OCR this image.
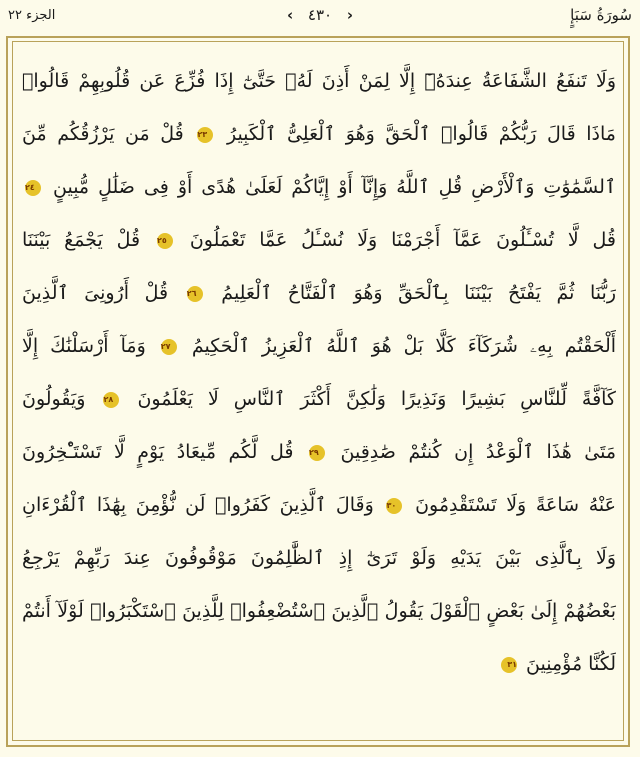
الجزء ٢٢	‹ ٤٣٠ ›	سُورَةُ سَبَإٍ
وَلَا تَنفَعُ الشَّفَاعَةُ عِندَهُۥٓ إِلَّا لِمَنْ أَذِنَ لَهُۥ حَتَّىٰٓ إِذَا فُزِّعَ عَن قُلُوبِهِمْ قَالُوا۟
مَاذَا قَالَ رَبُّكُمْ قَالُوا۟ ٱلْحَقَّ وَهُوَ ٱلْعَلِىُّ ٱلْكَبِيرُ ٢٣ قُلْ مَن يَرْزُقُكُم مِّنَ
ٱلسَّمَٰوَٰتِ وَٱلْأَرْضِ قُلِ ٱللَّهُ وَإِنَّآ أَوْ إِيَّاكُمْ لَعَلَىٰ هُدًى أَوْ فِى ضَلَٰلٍ مُّبِينٍ ٢٤
قُل لَّا تُسْـَٔلُونَ عَمَّآ أَجْرَمْنَا وَلَا نُسْـَٔلُ عَمَّا تَعْمَلُونَ ٢٥ قُلْ يَجْمَعُ بَيْنَنَا
رَبُّنَا ثُمَّ يَفْتَحُ بَيْنَنَا بِٱلْحَقِّ وَهُوَ ٱلْفَتَّاحُ ٱلْعَلِيمُ ٢٦ قُلْ أَرُونِىَ ٱلَّذِينَ
أَلْحَقْتُم بِهِۦ شُرَكَآءَ كَلَّا بَلْ هُوَ ٱللَّهُ ٱلْعَزِيزُ ٱلْحَكِيمُ ٢٧ وَمَآ أَرْسَلْنَٰكَ إِلَّا
كَآفَّةً لِّلنَّاسِ بَشِيرًا وَنَذِيرًا وَلَٰكِنَّ أَكْثَرَ ٱلنَّاسِ لَا يَعْلَمُونَ ٢٨ وَيَقُولُونَ
مَتَىٰ هَٰذَا ٱلْوَعْدُ إِن كُنتُمْ صَٰدِقِينَ ٢٩ قُل لَّكُم مِّيعَادُ يَوْمٍ لَّا تَسْتَـْٔخِرُونَ
عَنْهُ سَاعَةً وَلَا تَسْتَقْدِمُونَ ٣٠ وَقَالَ ٱلَّذِينَ كَفَرُوا۟ لَن نُّؤْمِنَ بِهَٰذَا ٱلْقُرْءَانِ
وَلَا بِٱلَّذِى بَيْنَ يَدَيْهِ وَلَوْ تَرَىٰٓ إِذِ ٱلظَّٰلِمُونَ مَوْقُوفُونَ عِندَ رَبِّهِمْ يَرْجِعُ
بَعْضُهُمْ إِلَىٰ بَعْضٍ ٱلْقَوْلَ يَقُولُ ٱلَّذِينَ ٱسْتُضْعِفُوا۟ لِلَّذِينَ ٱسْتَكْبَرُوا۟ لَوْلَآ أَنتُمْ
لَكُنَّا مُؤْمِنِينَ ٣١
